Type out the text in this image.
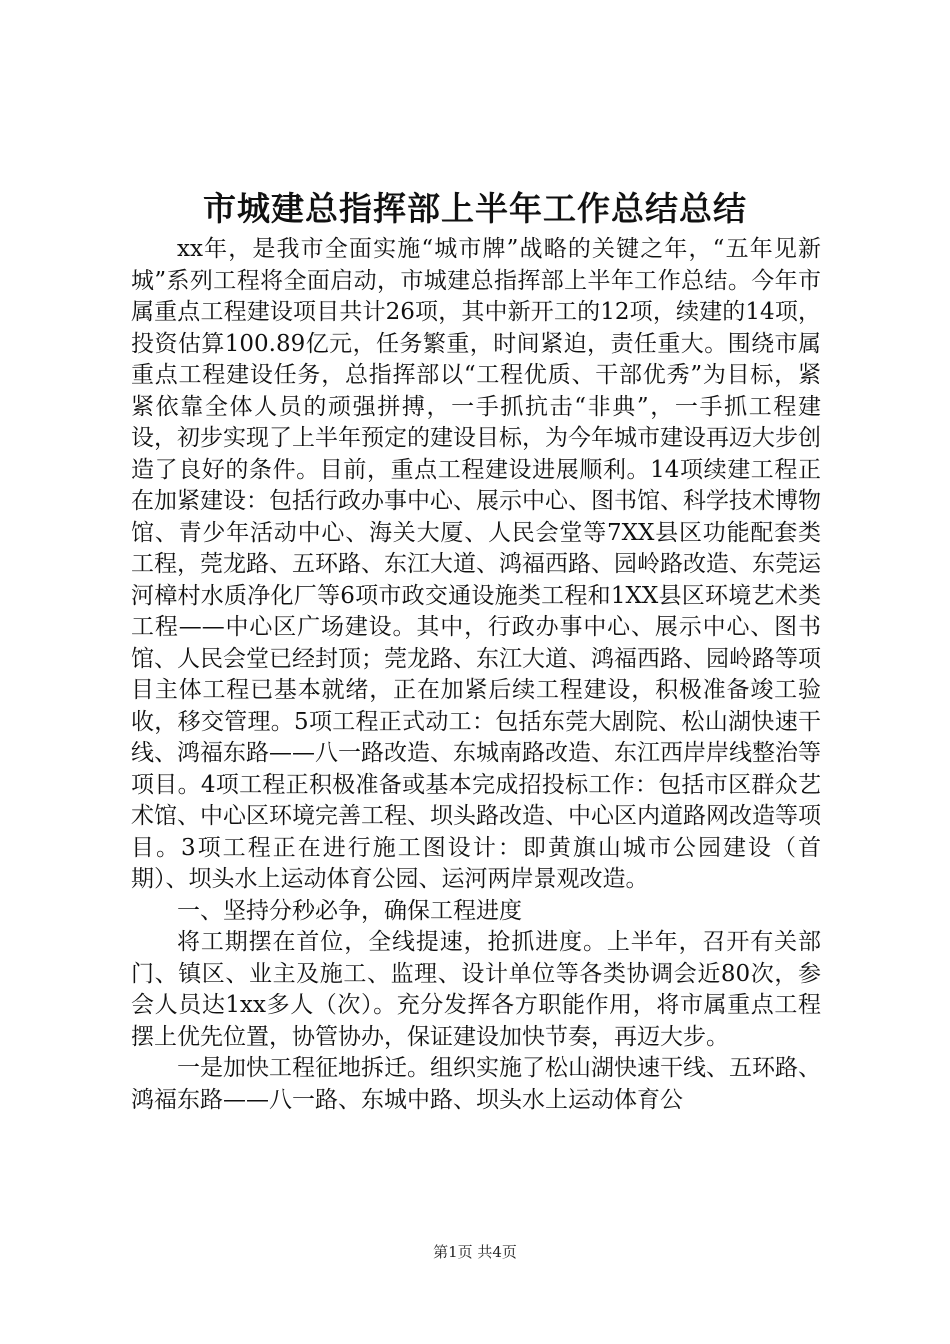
市城建总指挥部上半年工作总结总结

xx年，是我市全面实施“城市牌”战略的关键之年，“五年见新城”系列工程将全面启动，市城建总指挥部上半年工作总结。今年市属重点工程建设项目共计26项，其中新开工的12项，续建的14项，投资估算100.89亿元，任务繁重，时间紧迫，责任重大。围绕市属重点工程建设任务，总指挥部以“工程优质、干部优秀”为目标，紧紧依靠全体人员的顽强拼搏，一手抓抗击“非典”，一手抓工程建设，初步实现了上半年预定的建设目标，为今年城市建设再迈大步创造了良好的条件。目前，重点工程建设进展顺利。14项续建工程正在加紧建设：包括行政办事中心、展示中心、图书馆、科学技术博物馆、青少年活动中心、海关大厦、人民会堂等7XX县区功能配套类工程，莞龙路、五环路、东江大道、鸿福西路、园岭路改造、东莞运河樟村水质净化厂等6项市政交通设施类工程和1XX县区环境艺术类工程——中心区广场建设。其中，行政办事中心、展示中心、图书馆、人民会堂已经封顶；莞龙路、东江大道、鸿福西路、园岭路等项目主体工程已基本就绪，正在加紧后续工程建设，积极准备竣工验收，移交管理。5项工程正式动工：包括东莞大剧院、松山湖快速干线、鸿福东路——八一路改造、东城南路改造、东江西岸岸线整治等项目。4项工程正积极准备或基本完成招投标工作：包括市区群众艺术馆、中心区环境完善工程、坝头路改造、中心区内道路网改造等项目。3项工程正在进行施工图设计：即黄旗山城市公园建设（首期）、坝头水上运动体育公园、运河两岸景观改造。

一、坚持分秒必争，确保工程进度

将工期摆在首位，全线提速，抢抓进度。上半年，召开有关部门、镇区、业主及施工、监理、设计单位等各类协调会近80次，参会人员达1xx多人（次）。充分发挥各方职能作用，将市属重点工程摆上优先位置，协管协办，保证建设加快节奏，再迈大步。

一是加快工程征地拆迁。组织实施了松山湖快速干线、五环路、鸿福东路——八一路、东城中路、坝头水上运动体育公

第1页 共4页
